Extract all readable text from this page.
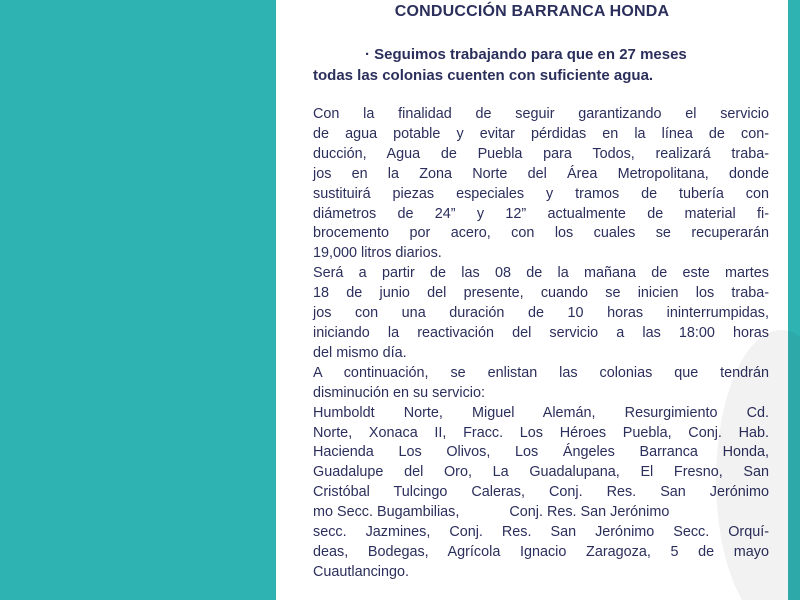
CONDUCCIÓN BARRANCA HONDA
· Seguimos trabajando para que en 27 meses
todas las colonias cuenten con suficiente agua.
Con la finalidad de seguir garantizando el servicio
de agua potable y evitar pérdidas en la línea de con-
ducción, Agua de Puebla para Todos, realizará traba-
jos en la Zona Norte del Área Metropolitana, donde
sustituirá piezas especiales y tramos de tubería con
diámetros de 24” y 12” actualmente de material fi-
brocemento por acero, con los cuales se recuperarán
19,000 litros diarios.
Será a partir de las 08 de la mañana de este martes
18 de junio del presente, cuando se inicien los traba-
jos con una duración de 10 horas ininterrumpidas,
iniciando la reactivación del servicio a las 18:00 horas
del mismo día.
A continuación, se enlistan las colonias que tendrán
disminución en su servicio:
Humboldt Norte, Miguel Alemán, Resurgimiento Cd.
Norte, Xonaca II, Fracc. Los Héroes Puebla, Conj. Hab.
Hacienda Los Olivos, Los Ángeles Barranca Honda,
Guadalupe del Oro, La Guadalupana, El Fresno, San
Cristóbal Tulcingo Caleras, Conj. Res. San Jerónimo
mo Secc. Bugambilias,	Conj. Res. San Jerónimo
secc. Jazmines, Conj. Res. San Jerónimo Secc. Orquí-
deas, Bodegas, Agrícola Ignacio Zaragoza, 5 de mayo
Cuautlancingo.
